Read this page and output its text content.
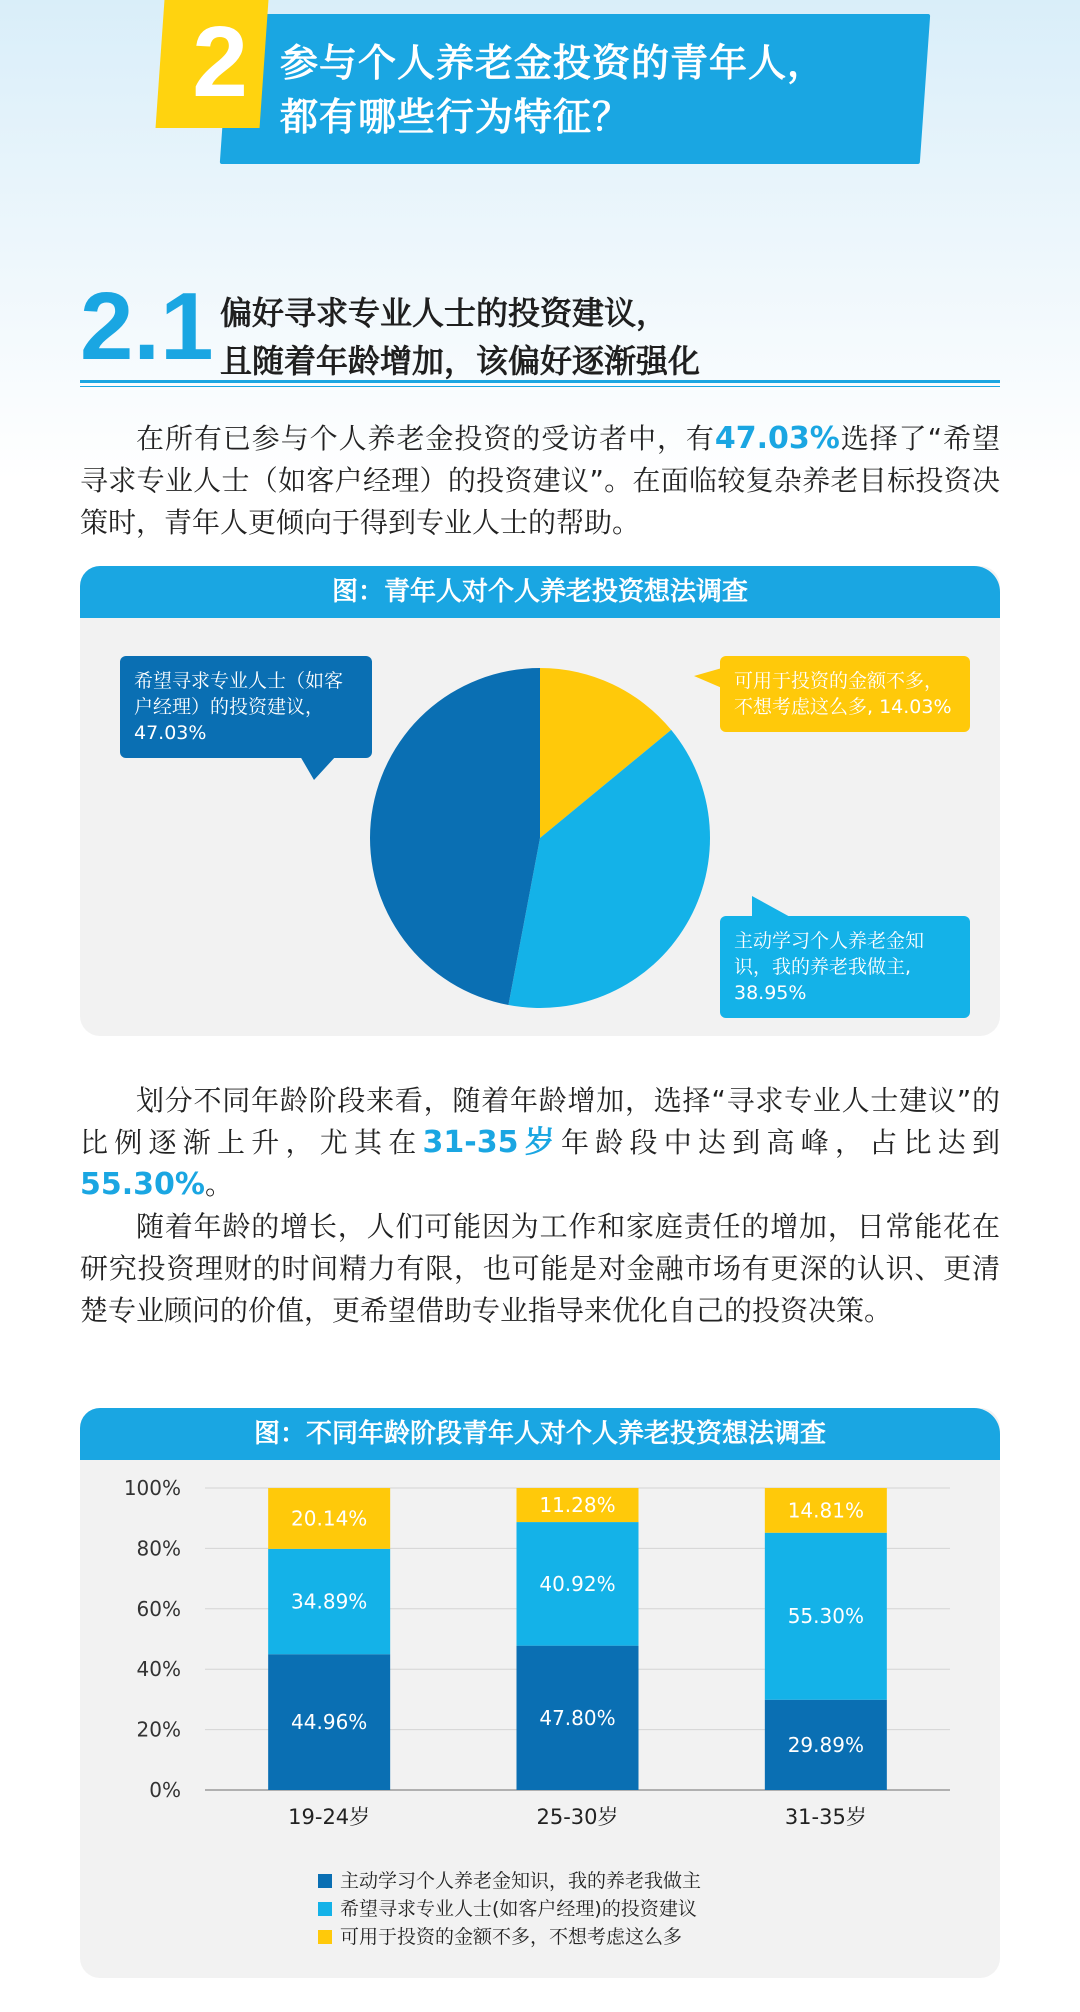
2 参与个人养老金投资的青年人，
都有哪些行为特征？
2.1 偏好寻求专业人士的投资建议，
且随着年龄增加，该偏好逐渐强化

在所有已参与个人养老金投资的受访者中，有47.03%选择了“希望寻求专业人士（如客户经理）的投资建议”。在面临较复杂养老目标投资决策时，青年人更倾向于得到专业人士的帮助。

图：青年人对个人养老投资想法调查
希望寻求专业人士（如客户经理）的投资建议，47.03%
可用于投资的金额不多，不想考虑这么多, 14.03%
主动学习个人养老金知识，我的养老我做主, 38.95%

划分不同年龄阶段来看，随着年龄增加，选择“寻求专业人士建议”的比例逐渐上升，尤其在31-35岁年龄段中达到高峰，占比达到55.30%。

随着年龄的增长，人们可能因为工作和家庭责任的增加，日常能花在研究投资理财的时间精力有限，也可能是对金融市场有更深的认识、更清楚专业顾问的价值，更希望借助专业指导来优化自己的投资决策。

图：不同年龄阶段青年人对个人养老投资想法调查
0%
20%
40%
60%
80%
100%
44.96%
34.89%
20.14%
19-24岁
47.80%
40.92%
11.28%
25-30岁
29.89%
55.30%
14.81%
31-35岁
主动学习个人养老金知识，我的养老我做主
希望寻求专业人士(如客户经理)的投资建议
可用于投资的金额不多，不想考虑这么多
